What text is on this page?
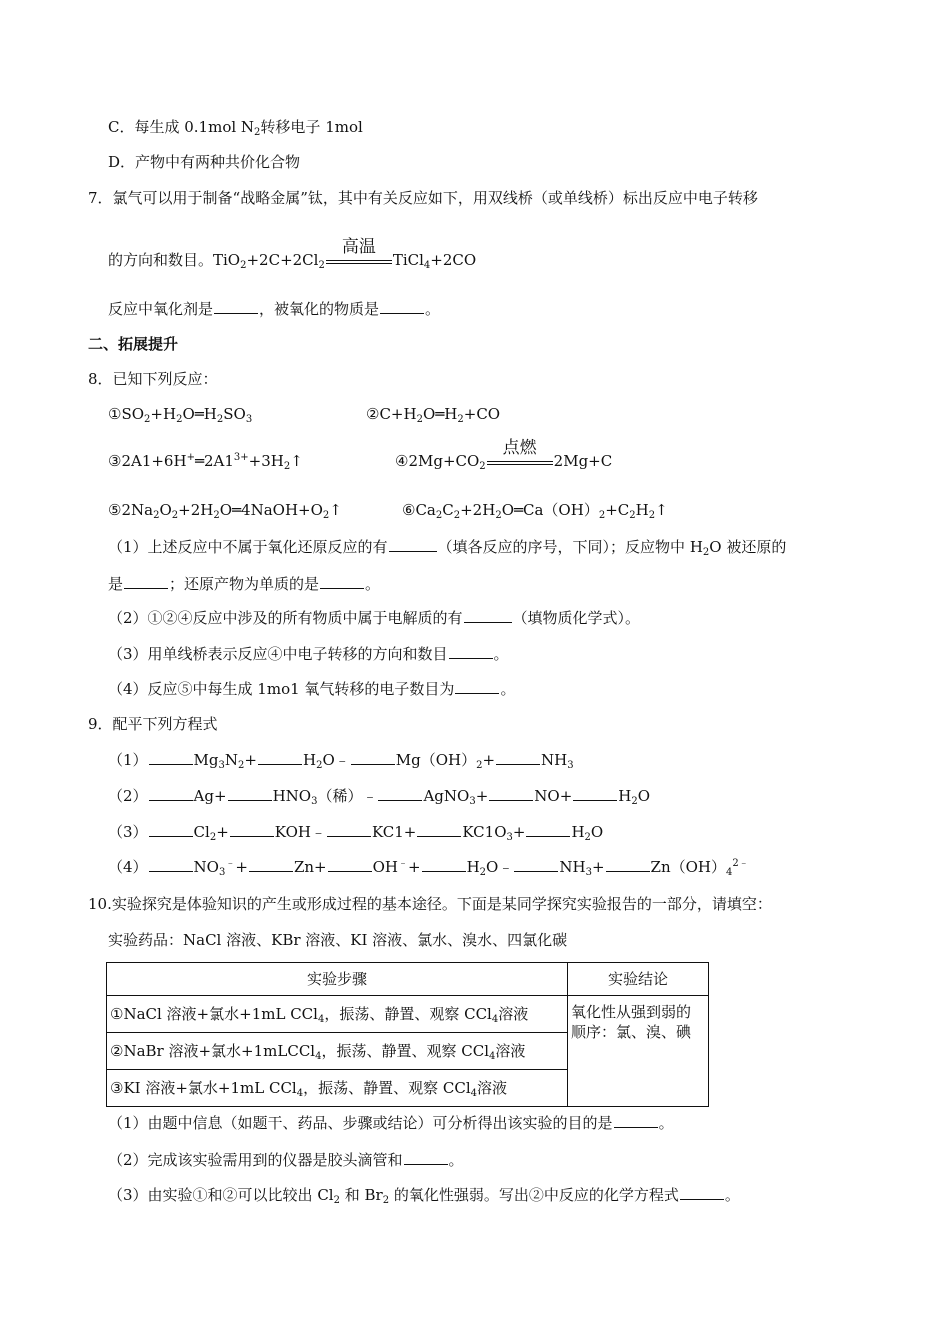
C．每生成 0.1mol $N_2$转移电子 1mol
D．产物中有两种共价化合物
7．氯气可以用于制备“战略金属”钛，其中有关反应如下，用双线桥（或单线桥）标出反应中电子转移
的方向和数目。$TiO_2+2C+2Cl_2$
高温
TiCl$_4$+2CO
反应中氧化剂是	，被氧化的物质是	。
二、拓展提升
8．已知下列反应：
$①SO_2+H_2O═H_2SO_3$	$②C+H_2O═H_2+CO$
$③2A1+6H^+═2A1^{3+}+3H_2↑$	$④2Mg+CO_2$
点燃
2Mg+C
$⑤2Na_2O_2+2H_2O═4NaOH+O_2↑$	$⑥Ca_2C_2+2H_2O═Ca(OH)_2+C_2H_2↑$
（1）上述反应中不属于氧化还原反应的有	（填各反应的序号，下同）；反应物中 $H_2O$ 被还原的
是	；还原产物为单质的是	。
（2）①②④反应中涉及的所有物质中属于电解质的有	（填物质化学式）。
（3）用单线桥表示反应④中电子转移的方向和数目	。
（4）反应⑤中每生成 1mo1 氧气转移的电子数目为	。
9．配平下列方程式
（1）	$Mg_3N_2+$	$H_2O﹣$	$Mg(OH)_2+$	$NH_3$
（2）	Ag+	$HNO_3$（稀）﹣	AgNO$_3$+	NO+	$H_2O$
（3）	$Cl_2+$	KOH﹣	KC1+	$KC1O_3+$	$H_2O$
（4）	$NO_3^﹣+$	Zn+	OH﹣+	$H_2O﹣$	$NH_3+$	$Zn(OH)_4^{2﹣}$
10.实验探究是体验知识的产生或形成过程的基本途径。下面是某同学探究实验报告的一部分，请填空：
实验药品：NaCl 溶液、KBr 溶液、KI 溶液、氯水、溴水、四氯化碳
实验步骤	实验结论
①NaCl 溶液+氯水+1mL CCl$_4$，振荡、静置、观察 CCl$_4$溶液	氧化性从强到弱的
顺序：氯、溴、碘

②NaBr 溶液+氯水+1mLCCl$_4$，振荡、静置、观察 CCl$_4$溶液	
③KI 溶液+氯水+1mL CCl$_4$，振荡、静置、观察 CCl$_4$溶液	
（1）由题中信息（如题干、药品、步骤或结论）可分析得出该实验的目的是	。
（2）完成该实验需用到的仪器是胶头滴管和	。
（3）由实验①和②可以比较出 $Cl_2$ 和 $Br_2$ 的氧化性强弱。写出②中反应的化学方程式	。
